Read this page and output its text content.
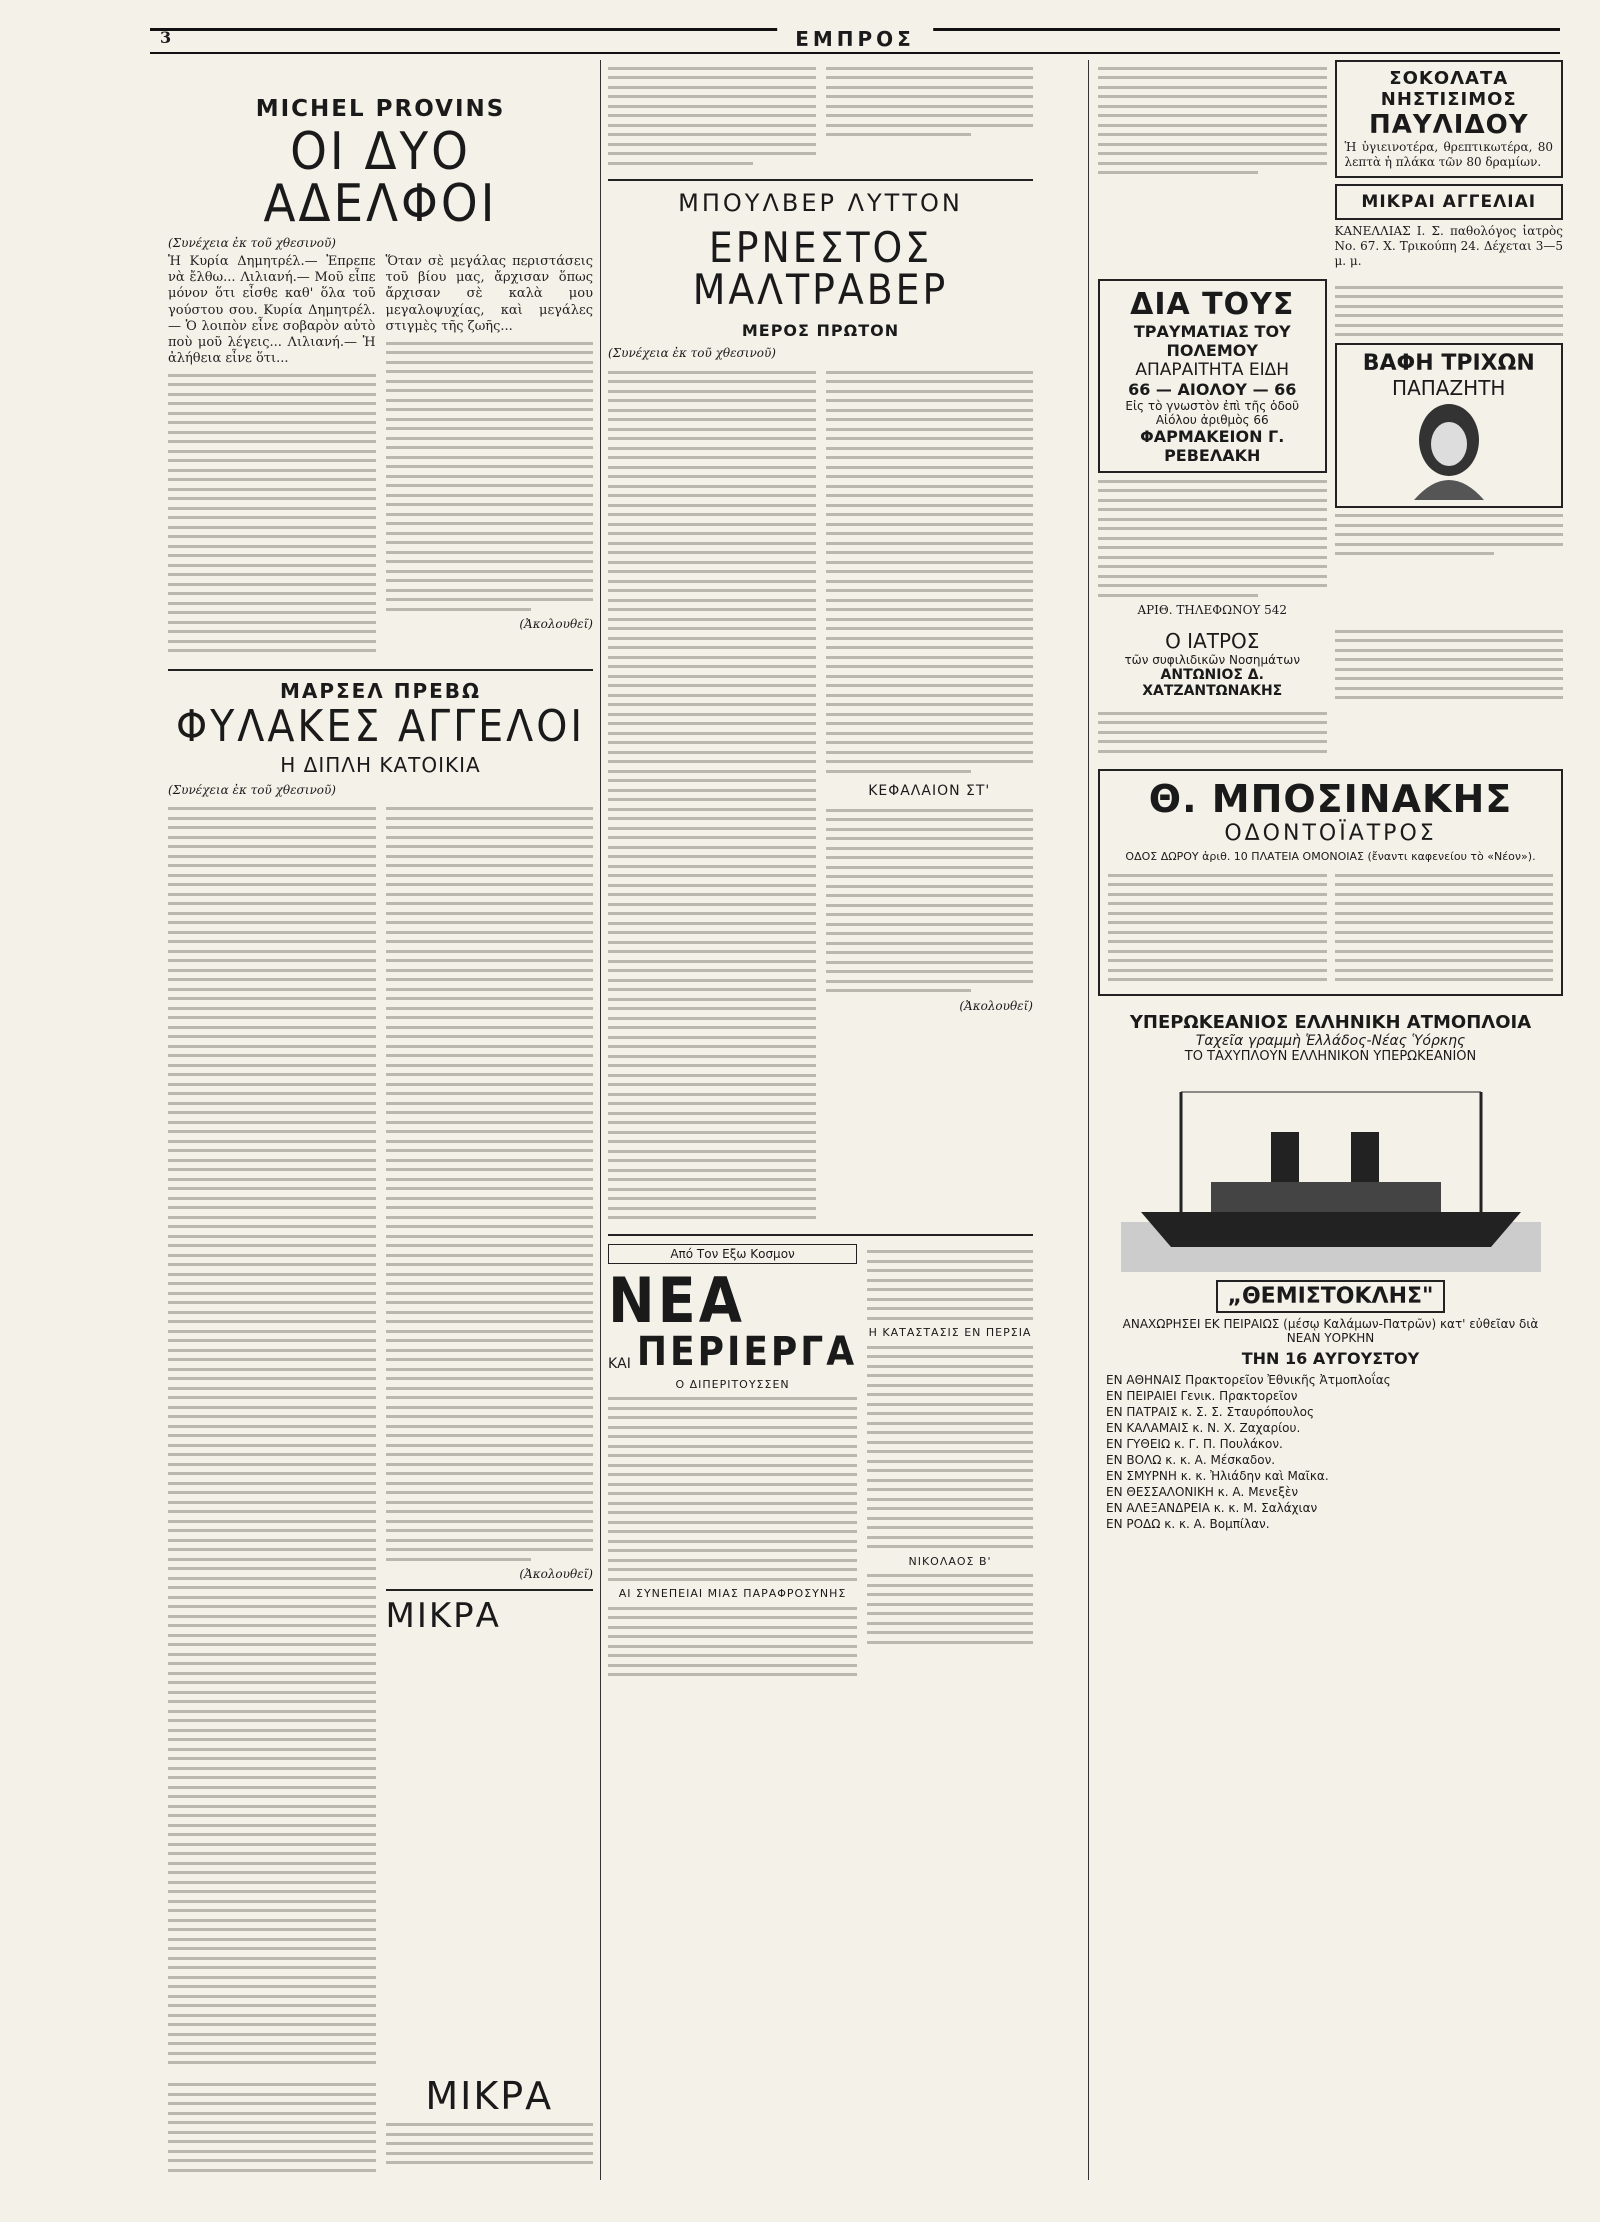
ΕΜΠΡΟΣ
MICHEL PROVINS
ΟΙ ΔΥΟ ΑΔΕΛΦΟΙ
(Συνέχεια ἐκ τοῦ χθεσινοῦ)
Ἡ Κυρία Δημητρέλ.— Ἐπρεπε νὰ ἔλθω... Λιλιανή.— Μοῦ εἶπε μόνον ὅτι εἶσθε καθ' ὅλα τοῦ γούστου σου. Κυρία Δημητρέλ.— Ὁ λοιπὸν εἶνε σοβαρὸν αὐτὸ ποὺ μοῦ λέγεις... Λιλιανή.— Ἡ ἀλήθεια εἶνε ὅτι...
Ὅταν σὲ μεγάλας περιστάσεις τοῦ βίου μας, ἄρχισαν ὅπως ἄρχισαν σὲ καλὰ μου μεγαλοψυχίας, καὶ μεγάλες στιγμὲς τῆς ζωῆς...
(Ἀκολουθεῖ)
ΜΑΡΣΕΛ ΠΡΕΒΩ
ΦΥΛΑΚΕΣ ΑΓΓΕΛΟΙ
Η ΔΙΠΛΗ ΚΑΤΟΙΚΙΑ
(Συνέχεια ἐκ τοῦ χθεσινοῦ)
(Ἀκολουθεῖ)
ΜΙΚΡΑ
ΜΙΚΡΑ
ΜΠΟΥΛΒΕΡ ΛΥΤΤΟΝ
ΕΡΝΕΣΤΟΣ ΜΑΛΤΡΑΒΕΡ
ΜΕΡΟΣ ΠΡΩΤΟΝ
(Συνέχεια ἐκ τοῦ χθεσινοῦ)
ΚΕΦΑΛΑΙΟΝ ΣΤ'
(Ἀκολουθεῖ)
Από Τον Εξω Κοσμον
ΝΕΑ
ΚΑΙ ΠΕΡΙΕΡΓΑ
Ο ΔΙΠΕΡΙΤΟΥΣΣΕΝ
ΑΙ ΣΥΝΕΠΕΙΑΙ ΜΙΑΣ ΠΑΡΑΦΡΟΣΥΝΗΣ
Η ΚΑΤΑΣΤΑΣΙΣ ΕΝ ΠΕΡΣΙΑ
ΝΙΚΟΛΑΟΣ Β'
ΣΟΚΟΛΑΤΑ ΝΗΣΤΙΣΙΜΟΣ
ΠΑΥΛΙΔΟΥ

Ἡ ὑγιεινοτέρα, θρεπτικωτέρα, 80 λεπτὰ ἡ πλάκα τῶν 80 δραμίων.

ΜΙΚΡΑΙ ΑΓΓΕΛΙΑΙ

ΚΑΝΕΛΛΙΑΣ Ι. Σ. παθολόγος ἰατρὸς Νο. 67. Χ. Τρικούπη 24. Δέχεται 3—5 μ. μ.

ΔΙΑ ΤΟΥΣ
ΤΡΑΥΜΑΤΙΑΣ ΤΟΥ ΠΟΛΕΜΟΥ
ΑΠΑΡΑΙΤΗΤΑ ΕΙΔΗ
66 — ΑΙΟΛΟΥ — 66
Εἰς τὸ γνωστὸν ἐπὶ τῆς ὁδοῦ Αἰόλου ἀριθμὸς 66
ΦΑΡΜΑΚΕΙΟΝ Γ. ΡΕΒΕΛΑΚΗ
ΑΡΙΘ. ΤΗΛΕΦΩΝΟΥ 542
ΒΑΦΗ ΤΡΙΧΩΝ
ΠΑΠΑΖΗΤΗ
Ο ΙΑΤΡΟΣ
τῶν συφιλιδικῶν Νοσημάτων
ΑΝΤΩΝΙΟΣ Δ. ΧΑΤΖΑΝΤΩΝΑΚΗΣ
Θ. ΜΠΟΣΙΝΑΚΗΣ
ΟΔΟΝΤΟΪΑΤΡΟΣ
ΟΔΟΣ ΔΩΡΟΥ ἀριθ. 10 ΠΛΑΤΕΙΑ ΟΜΟΝΟΙΑΣ (ἔναντι καφενείου τὸ «Νέον»).
ΥΠΕΡΩΚΕΑΝΙΟΣ ΕΛΛΗΝΙΚΗ ΑΤΜΟΠΛΟΙΑ
Ταχεῖα γραμμὴ Ἑλλάδος-Νέας Ὑόρκης
ΤΟ ΤΑΧΥΠΛΟΥΝ ΕΛΛΗΝΙΚΟΝ ΥΠΕΡΩΚΕΑΝΙΟΝ
„ΘΕΜΙΣΤΟΚΛΗΣ"
ΑΝΑΧΩΡΗΣΕΙ ΕΚ ΠΕΙΡΑΙΩΣ (μέσῳ Καλάμων-Πατρῶν) κατ' εὐθεῖαν διὰ ΝΕΑΝ ΥΟΡΚΗΝ
ΤΗΝ 16 ΑΥΓΟΥΣΤΟΥ
ΕΝ ΑΘΗΝΑΙΣ Πρακτορεῖον Ἐθνικῆς Ἀτμοπλοΐας
ΕΝ ΠΕΙΡΑΙΕΙ Γενικ. Πρακτορεῖον
ΕΝ ΠΑΤΡΑΙΣ κ. Σ. Σ. Σταυρόπουλος
ΕΝ ΚΑΛΑΜΑΙΣ κ. Ν. Χ. Ζαχαρίου.
ΕΝ ΓΥΘΕΙΩ κ. Γ. Π. Πουλάκον.
ΕΝ ΒΟΛΩ κ. κ. Α. Μέσκαδον.
ΕΝ ΣΜΥΡΝΗ κ. κ. Ἠλιάδην καὶ Μαῖκα.
ΕΝ ΘΕΣΣΑΛΟΝΙΚΗ κ. Α. Μενεξὲν
ΕΝ ΑΛΕΞΑΝΔΡΕΙΑ κ. κ. Μ. Σαλάχιαν
ΕΝ ΡΟΔΩ κ. κ. Α. Βομπίλαν.
3
